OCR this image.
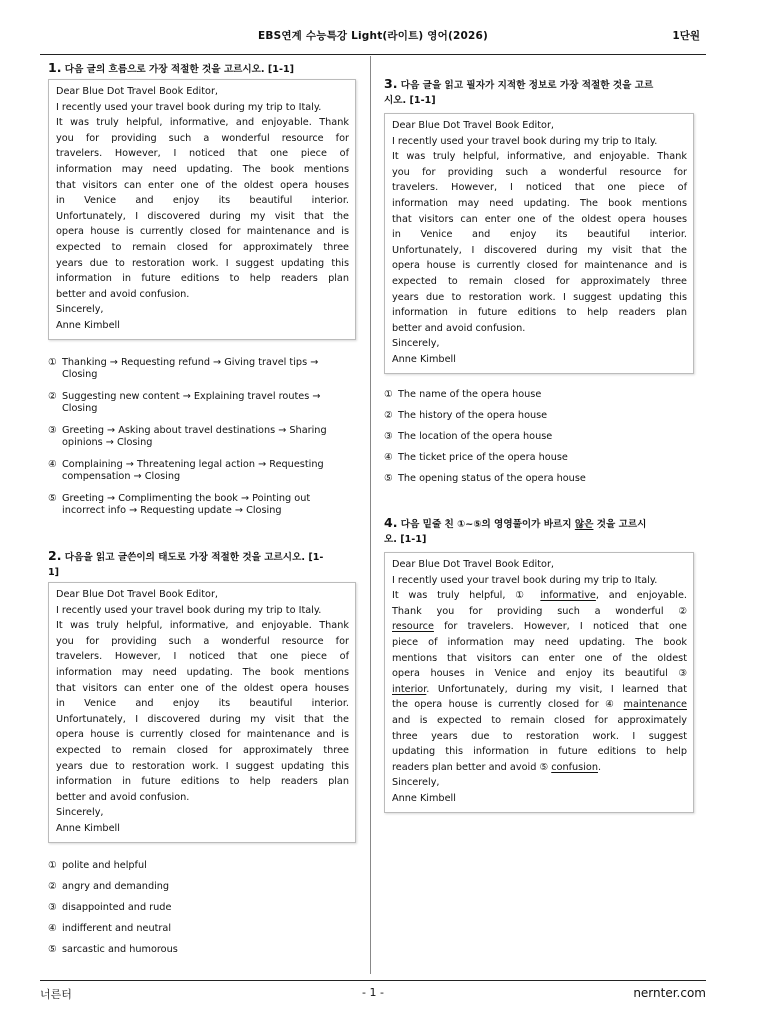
EBS연계 수능특강 Light(라이트) 영어(2026)	1단원
1. 다음 글의 흐름으로 가장 적절한 것을 고르시오. [1-1]
Dear Blue Dot Travel Book Editor,
I recently used your travel book during my trip to Italy.
It was truly helpful, informative, and enjoyable. Thank
you for providing such a wonderful resource for
travelers. However, I noticed that one piece of
information may need updating. The book mentions
that visitors can enter one of the oldest opera houses
in Venice and enjoy its beautiful interior.
Unfortunately, I discovered during my visit that the
opera house is currently closed for maintenance and is
expected to remain closed for approximately three
years due to restoration work. I suggest updating this
information in future editions to help readers plan
better and avoid confusion.
Sincerely,
Anne Kimbell
① Thanking → Requesting refund → Giving travel tips →
Closing
② Suggesting new content → Explaining travel routes →
Closing
③ Greeting → Asking about travel destinations → Sharing
opinions → Closing
④ Complaining → Threatening legal action → Requesting
compensation → Closing
⑤ Greeting → Complimenting the book → Pointing out
incorrect info → Requesting update → Closing
2. 다음을 읽고 글쓴이의 태도로 가장 적절한 것을 고르시오. [1-
1]
Dear Blue Dot Travel Book Editor,
I recently used your travel book during my trip to Italy.
It was truly helpful, informative, and enjoyable. Thank
you for providing such a wonderful resource for
travelers. However, I noticed that one piece of
information may need updating. The book mentions
that visitors can enter one of the oldest opera houses
in Venice and enjoy its beautiful interior.
Unfortunately, I discovered during my visit that the
opera house is currently closed for maintenance and is
expected to remain closed for approximately three
years due to restoration work. I suggest updating this
information in future editions to help readers plan
better and avoid confusion.
Sincerely,
Anne Kimbell
① polite and helpful
② angry and demanding
③ disappointed and rude
④ indifferent and neutral
⑤ sarcastic and humorous
3. 다음 글을 읽고 필자가 지적한 정보로 가장 적절한 것을 고르
시오. [1-1]
Dear Blue Dot Travel Book Editor,
I recently used your travel book during my trip to Italy.
It was truly helpful, informative, and enjoyable. Thank
you for providing such a wonderful resource for
travelers. However, I noticed that one piece of
information may need updating. The book mentions
that visitors can enter one of the oldest opera houses
in Venice and enjoy its beautiful interior.
Unfortunately, I discovered during my visit that the
opera house is currently closed for maintenance and is
expected to remain closed for approximately three
years due to restoration work. I suggest updating this
information in future editions to help readers plan
better and avoid confusion.
Sincerely,
Anne Kimbell
① The name of the opera house
② The history of the opera house
③ The location of the opera house
④ The ticket price of the opera house
⑤ The opening status of the opera house
4. 다음 밑줄 친 ①~⑤의 영영풀이가 바르지 않은 것을 고르시
오. [1-1]
Dear Blue Dot Travel Book Editor,
I recently used your travel book during my trip to Italy.
It was truly helpful, ① informative, and enjoyable.
Thank you for providing such a wonderful ②
resource for travelers. However, I noticed that one
piece of information may need updating. The book
mentions that visitors can enter one of the oldest
opera houses in Venice and enjoy its beautiful ③
interior. Unfortunately, during my visit, I learned that
the opera house is currently closed for ④ maintenance
and is expected to remain closed for approximately
three years due to restoration work. I suggest
updating this information in future editions to help
readers plan better and avoid ⑤ confusion.
Sincerely,
Anne Kimbell
너른터	- 1 -	nernter.com
